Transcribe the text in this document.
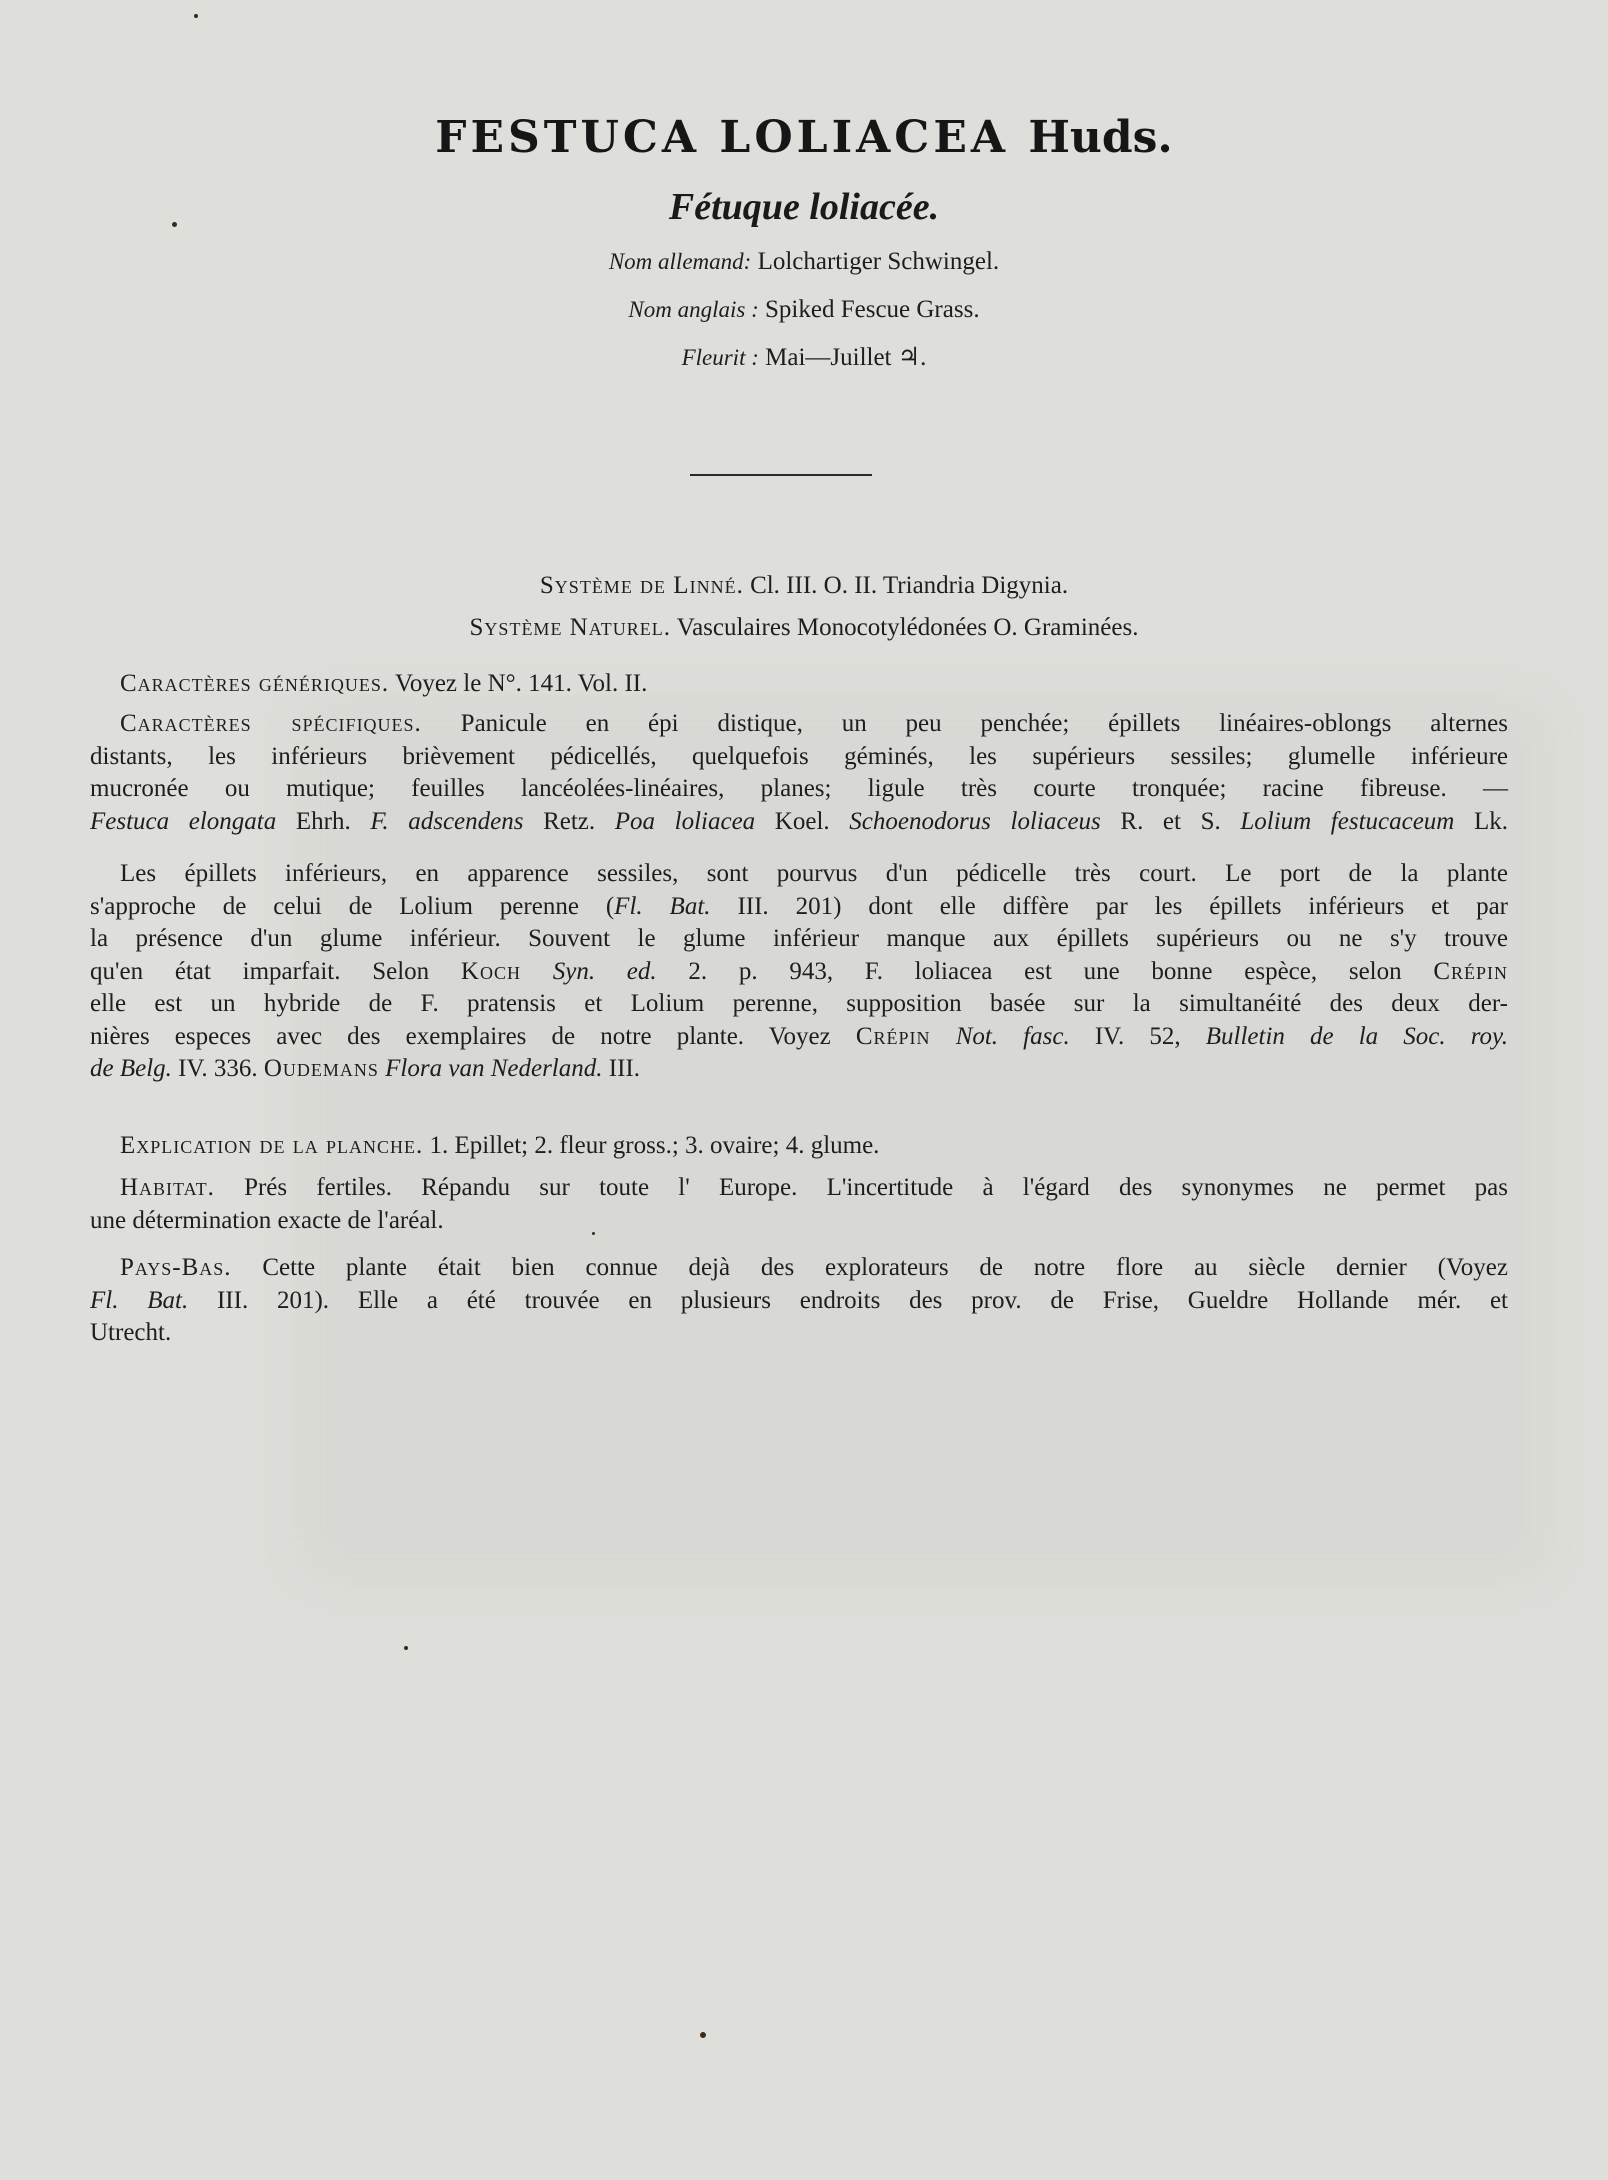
FESTUCA LOLIACEA Huds.
Fétuque loliacée.
Nom allemand: Lolchartiger Schwingel.
Nom anglais : Spiked Fescue Grass.
Fleurit : Mai—Juillet ♃.
Système de Linné. Cl. III. O. II. Triandria Digynia.
Système Naturel. Vasculaires Monocotylédonées O. Graminées.
Caractères génériques. Voyez le N°. 141. Vol. II.
Caractères spécifiques. Panicule en épi distique, un peu penchée; épillets linéaires-oblongs alternes
distants, les inférieurs brièvement pédicellés, quelquefois géminés, les supérieurs sessiles; glumelle inférieure
mucronée ou mutique; feuilles lancéolées-linéaires, planes; ligule très courte tronquée; racine fibreuse. —
Festuca elongata Ehrh. F. adscendens Retz. Poa loliacea Koel. Schoenodorus loliaceus R. et S. Lolium festucaceum Lk.
Les épillets inférieurs, en apparence sessiles, sont pourvus d'un pédicelle très court. Le port de la plante
s'approche de celui de Lolium perenne (Fl. Bat. III. 201) dont elle diffère par les épillets inférieurs et par
la présence d'un glume inférieur. Souvent le glume inférieur manque aux épillets supérieurs ou ne s'y trouve
qu'en état imparfait. Selon Koch Syn. ed. 2. p. 943, F. loliacea est une bonne espèce, selon Crépin
elle est un hybride de F. pratensis et Lolium perenne, supposition basée sur la simultanéité des deux der-
nières especes avec des exemplaires de notre plante. Voyez Crépin Not. fasc. IV. 52, Bulletin de la Soc. roy.
de Belg. IV. 336. Oudemans Flora van Nederland. III.
Explication de la planche. 1. Epillet; 2. fleur gross.; 3. ovaire; 4. glume.
Habitat. Prés fertiles. Répandu sur toute l' Europe. L'incertitude à l'égard des synonymes ne permet pas
une détermination exacte de l'aréal.
Pays-Bas. Cette plante était bien connue dejà des explorateurs de notre flore au siècle dernier (Voyez
Fl. Bat. III. 201). Elle a été trouvée en plusieurs endroits des prov. de Frise, Gueldre Hollande mér. et
Utrecht.
